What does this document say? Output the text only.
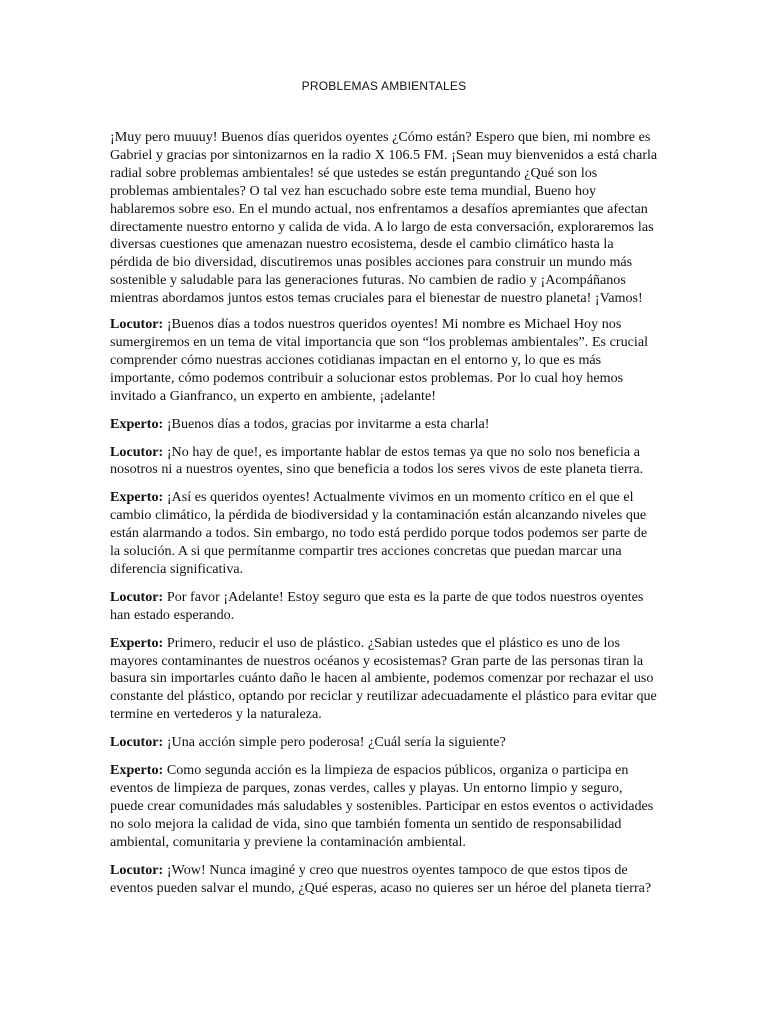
PROBLEMAS AMBIENTALES

¡Muy pero muuuy! Buenos días queridos oyentes ¿Cómo están? Espero que bien, mi nombre es Gabriel y gracias por sintonizarnos en la radio X 106.5 FM. ¡Sean muy bienvenidos a está charla radial sobre problemas ambientales! sé que ustedes se están preguntando ¿Qué son los problemas ambientales? O tal vez han escuchado sobre este tema mundial, Bueno hoy hablaremos sobre eso. En el mundo actual, nos enfrentamos a desafíos apremiantes que afectan directamente nuestro entorno y calida de vida. A lo largo de esta conversación, exploraremos las diversas cuestiones que amenazan nuestro ecosistema, desde el cambio climático hasta la pérdida de bio diversidad, discutiremos unas posibles acciones para construir un mundo más sostenible y saludable para las generaciones futuras. No cambien de radio y ¡Acompáñanos mientras abordamos juntos estos temas cruciales para el bienestar de nuestro planeta! ¡Vamos!

Locutor: ¡Buenos días a todos nuestros queridos oyentes! Mi nombre es Michael Hoy nos sumergiremos en un tema de vital importancia que son “los problemas ambientales”. Es crucial comprender cómo nuestras acciones cotidianas impactan en el entorno y, lo que es más importante, cómo podemos contribuir a solucionar estos problemas. Por lo cual hoy hemos invitado a Gianfranco, un experto en ambiente, ¡adelante!

Experto: ¡Buenos días a todos, gracias por invitarme a esta charla!

Locutor: ¡No hay de que!, es importante hablar de estos temas ya que no solo nos beneficia a nosotros ni a nuestros oyentes, sino que beneficia a todos los seres vivos de este planeta tierra.

Experto: ¡Así es queridos oyentes! Actualmente vivimos en un momento crítico en el que el cambio climático, la pérdida de biodiversidad y la contaminación están alcanzando niveles que están alarmando a todos. Sin embargo, no todo está perdido porque todos podemos ser parte de la solución. A si que permítanme compartir tres acciones concretas que puedan marcar una diferencia significativa.

Locutor: Por favor ¡Adelante! Estoy seguro que esta es la parte de que todos nuestros oyentes han estado esperando.

Experto: Primero, reducir el uso de plástico. ¿Sabian ustedes que el plástico es uno de los mayores contaminantes de nuestros océanos y ecosistemas? Gran parte de las personas tiran la basura sin importarles cuánto daño le hacen al ambiente, podemos comenzar por rechazar el uso constante del plástico, optando por reciclar y reutilizar adecuadamente el plástico para evitar que termine en vertederos y la naturaleza.

Locutor: ¡Una acción simple pero poderosa! ¿Cuál sería la siguiente?

Experto: Como segunda acción es la limpieza de espacios públicos, organiza o participa en eventos de limpieza de parques, zonas verdes, calles y playas. Un entorno limpio y seguro, puede crear comunidades más saludables y sostenibles. Participar en estos eventos o actividades no solo mejora la calidad de vida, sino que también fomenta un sentido de responsabilidad ambiental, comunitaria y previene la contaminación ambiental.

Locutor: ¡Wow! Nunca imaginé y creo que nuestros oyentes tampoco de que estos tipos de eventos pueden salvar el mundo, ¿Qué esperas, acaso no quieres ser un héroe del planeta tierra?
